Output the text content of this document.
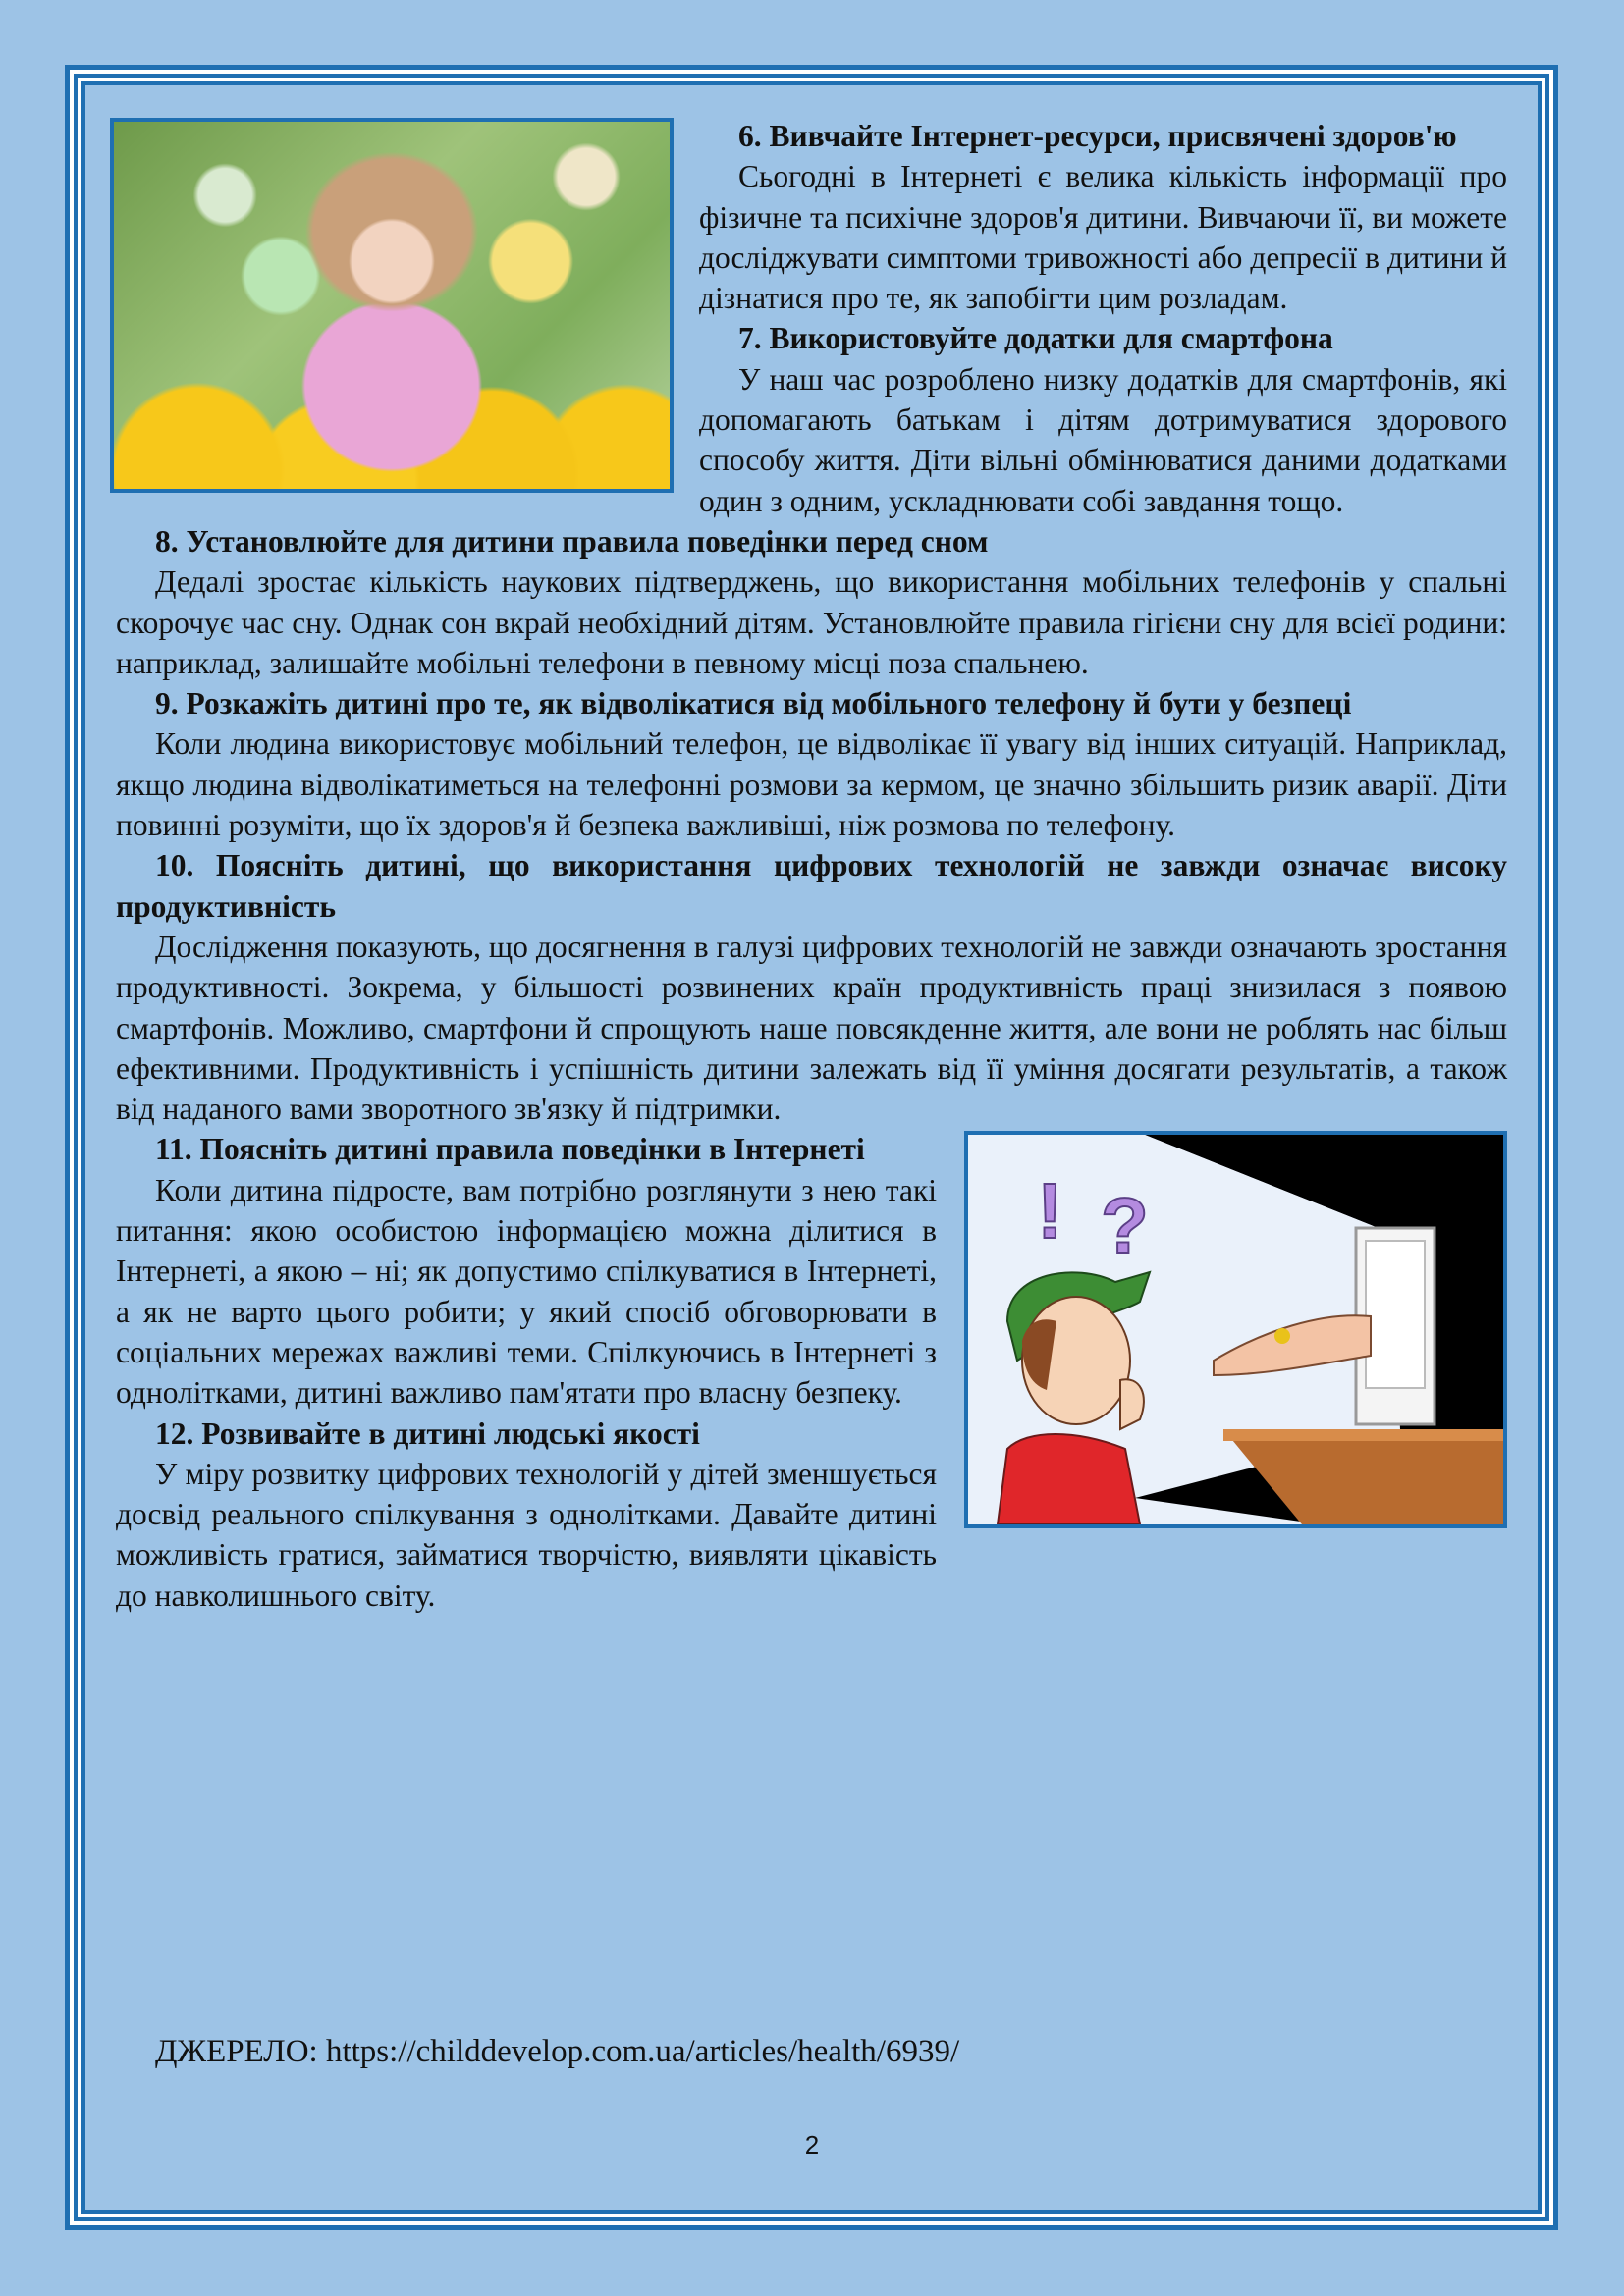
6. Вивчайте Інтернет-ресурси, присвячені здоров'ю

Сьогодні в Інтернеті є велика кількість інформації про фізичне та психічне здоров'я дитини. Вивчаючи її, ви можете досліджувати симптоми тривожності або депресії в дитини й дізнатися про те, як запобігти цим розладам.

7. Використовуйте додатки для смартфона

У наш час розроблено низку додатків для смартфонів, які допомагають батькам і дітям дотримуватися здорового способу життя. Діти вільні обмінюватися даними додатками один з одним, ускладнювати собі завдання тощо.

8. Установлюйте для дитини правила поведінки перед сном

Дедалі зростає кількість наукових підтверджень, що використання мобільних телефонів у спальні скорочує час сну. Однак сон вкрай необхідний дітям. Установлюйте правила гігієни сну для всієї родини: наприклад, залишайте мобільні телефони в певному місці поза спальнею.

9. Розкажіть дитині про те, як відволікатися від мобільного телефону й бути у безпеці

Коли людина використовує мобільний телефон, це відволікає її увагу від інших ситуацій. Наприклад, якщо людина відволікатиметься на телефонні розмови за кермом, це значно збільшить ризик аварії. Діти повинні розуміти, що їх здоров'я й безпека важливіші, ніж розмова по телефону.

10. Поясніть дитині, що використання цифрових технологій не завжди означає високу продуктивність

Дослідження показують, що досягнення в галузі цифрових технологій не завжди означають зростання продуктивності. Зокрема, у більшості розвинених країн продуктивність праці знизилася з появою смартфонів. Можливо, смартфони й спрощують наше повсякденне життя, але вони не роблять нас більш ефективними. Продуктивність і успішність дитини залежать від її уміння досягати результатів, а також від наданого вами зворотного зв'язку й підтримки.

! ?

11. Поясніть дитині правила поведінки в Інтернеті

Коли дитина підросте, вам потрібно розглянути з нею такі питання: якою особистою інформацією можна ділитися в Інтернеті, а якою – ні; як допустимо спілкуватися в Інтернеті, а як не варто цього робити; у який спосіб обговорювати в соціальних мережах важливі теми. Спілкуючись в Інтернеті з однолітками, дитині важливо пам'ятати про власну безпеку.

12. Розвивайте в дитині людські якості

У міру розвитку цифрових технологій у дітей зменшується досвід реального спілкування з однолітками. Давайте дитині можливість гратися, займатися творчістю, виявляти цікавість до навколишнього світу.

ДЖЕРЕЛО: https://childdevelop.com.ua/articles/health/6939/
2
